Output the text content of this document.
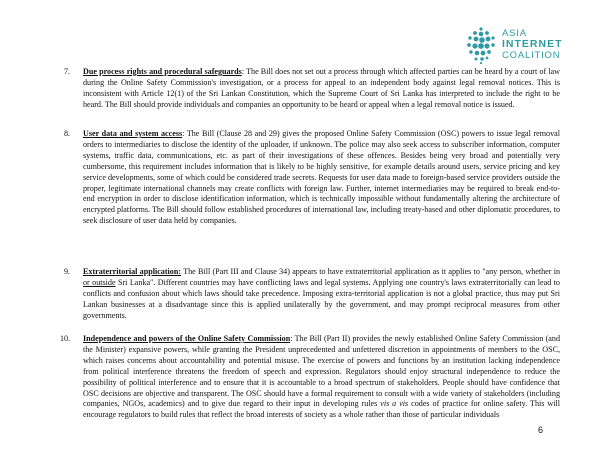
ASIA
INTERNET
COALITION
7. Due process rights and procedural safeguards: The Bill does not set out a process through which affected parties can be heard by a court of law during the Online Safety Commission's investigation, or a process for appeal to an independent body against legal removal notices. This is inconsistent with Article 12(1) of the Sri Lankan Constitution, which the Supreme Court of Sri Lanka has interpreted to include the right to be heard. The Bill should provide individuals and companies an opportunity to be heard or appeal when a legal removal notice is issued.
8. User data and system access: The Bill (Clause 28 and 29) gives the proposed Online Safety Commission (OSC) powers to issue legal removal orders to intermediaries to disclose the identity of the uploader, if unknown. The police may also seek access to subscriber information, computer systems, traffic data, communications, etc. as part of their investigations of these offences. Besides being very broad and potentially very cumbersome, this requirement includes information that is likely to be highly sensitive, for example details around users, service pricing and key service developments, some of which could be considered trade secrets. Requests for user data made to foreign-based service providers outside the proper, legitimate international channels may create conflicts with foreign law. Further, internet intermediaries may be required to break end-to-end encryption in order to disclose identification information, which is technically impossible without fundamentally altering the architecture of encrypted platforms. The Bill should follow established procedures of international law, including treaty-based and other diplomatic procedures, to seek disclosure of user data held by companies.
9. Extraterritorial application: The Bill (Part III and Clause 34) appears to have extraterritorial application as it applies to "any person, whether in or outside Sri Lanka". Different countries may have conflicting laws and legal systems. Applying one country's laws extraterritorially can lead to conflicts and confusion about which laws should take precedence. Imposing extra-territorial application is not a global practice, thus may put Sri Lankan businesses at a disadvantage since this is applied unilaterally by the government, and may prompt reciprocal measures from other governments.
10. Independence and powers of the Online Safety Commission: The Bill (Part II) provides the newly established Online Safety Commission (and the Minister) expansive powers, while granting the President unprecedented and unfettered discretion in appointments of members to the OSC, which raises concerns about accountability and potential misuse. The exercise of powers and functions by an institution lacking independence from political interference threatens the freedom of speech and expression. Regulators should enjoy structural independence to reduce the possibility of political interference and to ensure that it is accountable to a broad spectrum of stakeholders. People should have confidence that OSC decisions are objective and transparent. The OSC should have a formal requirement to consult with a wide variety of stakeholders (including companies, NGOs, academics) and to give due regard to their input in developing rules vis a vis codes of practice for online safety. This will encourage regulators to build rules that reflect the broad interests of society as a whole rather than those of particular individuals
6
